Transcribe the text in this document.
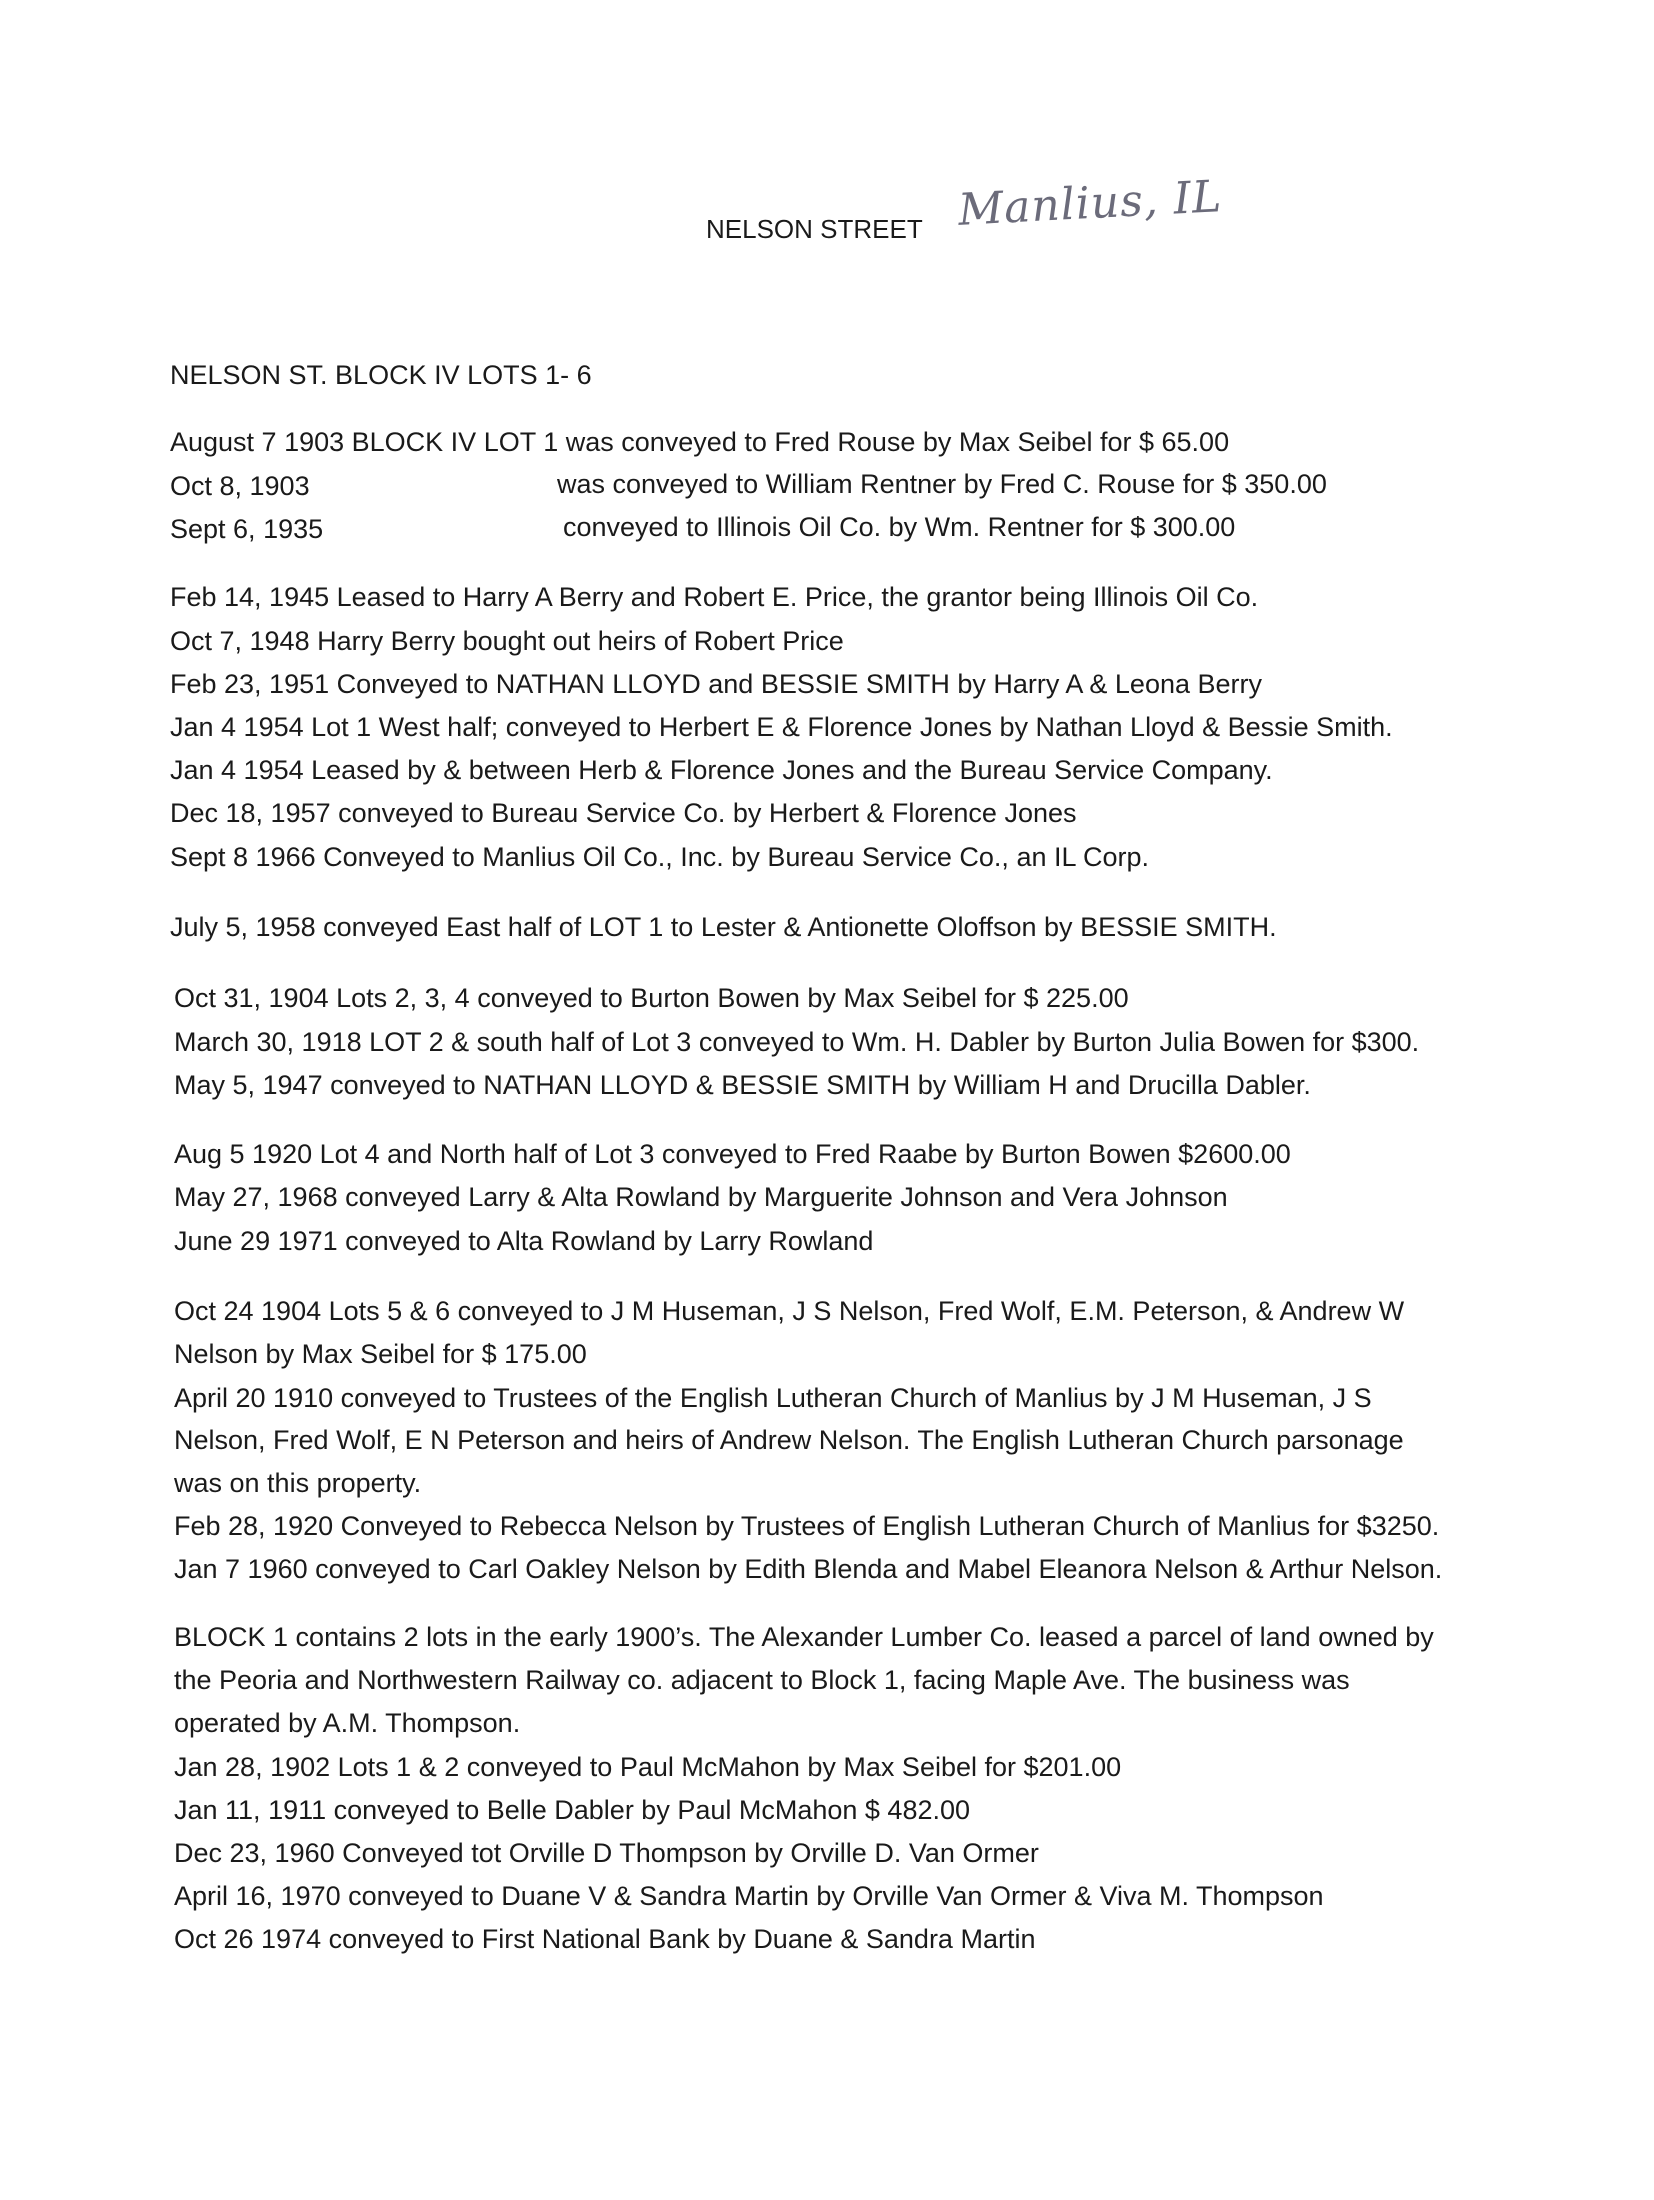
NELSON STREET Manlius, IL
NELSON ST. BLOCK IV LOTS 1- 6
August 7 1903 BLOCK IV LOT 1 was conveyed to Fred Rouse by Max Seibel for $ 65.00
Oct 8, 1903	was conveyed to William Rentner by Fred C. Rouse for $ 350.00
Sept 6, 1935	conveyed to Illinois Oil Co. by Wm. Rentner for $ 300.00
Feb 14, 1945 Leased to Harry A Berry and Robert E. Price, the grantor being Illinois Oil Co.
Oct 7, 1948 Harry Berry bought out heirs of Robert Price
Feb 23, 1951 Conveyed to NATHAN LLOYD and BESSIE SMITH by Harry A & Leona Berry
Jan 4 1954 Lot 1 West half; conveyed to Herbert E & Florence Jones by Nathan Lloyd & Bessie Smith.
Jan 4 1954 Leased by & between Herb & Florence Jones and the Bureau Service Company.
Dec 18, 1957 conveyed to Bureau Service Co. by Herbert & Florence Jones
Sept 8 1966 Conveyed to Manlius Oil Co., Inc. by Bureau Service Co., an IL Corp.
July 5, 1958 conveyed East half of LOT 1 to Lester & Antionette Oloffson by BESSIE SMITH.
Oct 31, 1904 Lots 2, 3, 4 conveyed to Burton Bowen by Max Seibel for $ 225.00
March 30, 1918 LOT 2 & south half of Lot 3 conveyed to Wm. H. Dabler by Burton Julia Bowen for $300.
May 5, 1947 conveyed to NATHAN LLOYD & BESSIE SMITH by William H and Drucilla Dabler.
Aug 5 1920 Lot 4 and North half of Lot 3 conveyed to Fred Raabe by Burton Bowen $2600.00
May 27, 1968 conveyed Larry & Alta Rowland by Marguerite Johnson and Vera Johnson
June 29 1971 conveyed to Alta Rowland by Larry Rowland
Oct 24 1904 Lots 5 & 6 conveyed to J M Huseman, J S Nelson, Fred Wolf, E.M. Peterson, & Andrew W
Nelson by Max Seibel for $ 175.00
April 20 1910 conveyed to Trustees of the English Lutheran Church of Manlius by J M Huseman, J S
Nelson, Fred Wolf, E N Peterson and heirs of Andrew Nelson. The English Lutheran Church parsonage
was on this property.
Feb 28, 1920 Conveyed to Rebecca Nelson by Trustees of English Lutheran Church of Manlius for $3250.
Jan 7 1960 conveyed to Carl Oakley Nelson by Edith Blenda and Mabel Eleanora Nelson & Arthur Nelson.
BLOCK 1 contains 2 lots in the early 1900’s. The Alexander Lumber Co. leased a parcel of land owned by
the Peoria and Northwestern Railway co. adjacent to Block 1, facing Maple Ave. The business was
operated by A.M. Thompson.
Jan 28, 1902 Lots 1 & 2 conveyed to Paul McMahon by Max Seibel for $201.00
Jan 11, 1911 conveyed to Belle Dabler by Paul McMahon $ 482.00
Dec 23, 1960 Conveyed tot Orville D Thompson by Orville D. Van Ormer
April 16, 1970 conveyed to Duane V & Sandra Martin by Orville Van Ormer & Viva M. Thompson
Oct 26 1974 conveyed to First National Bank by Duane & Sandra Martin
